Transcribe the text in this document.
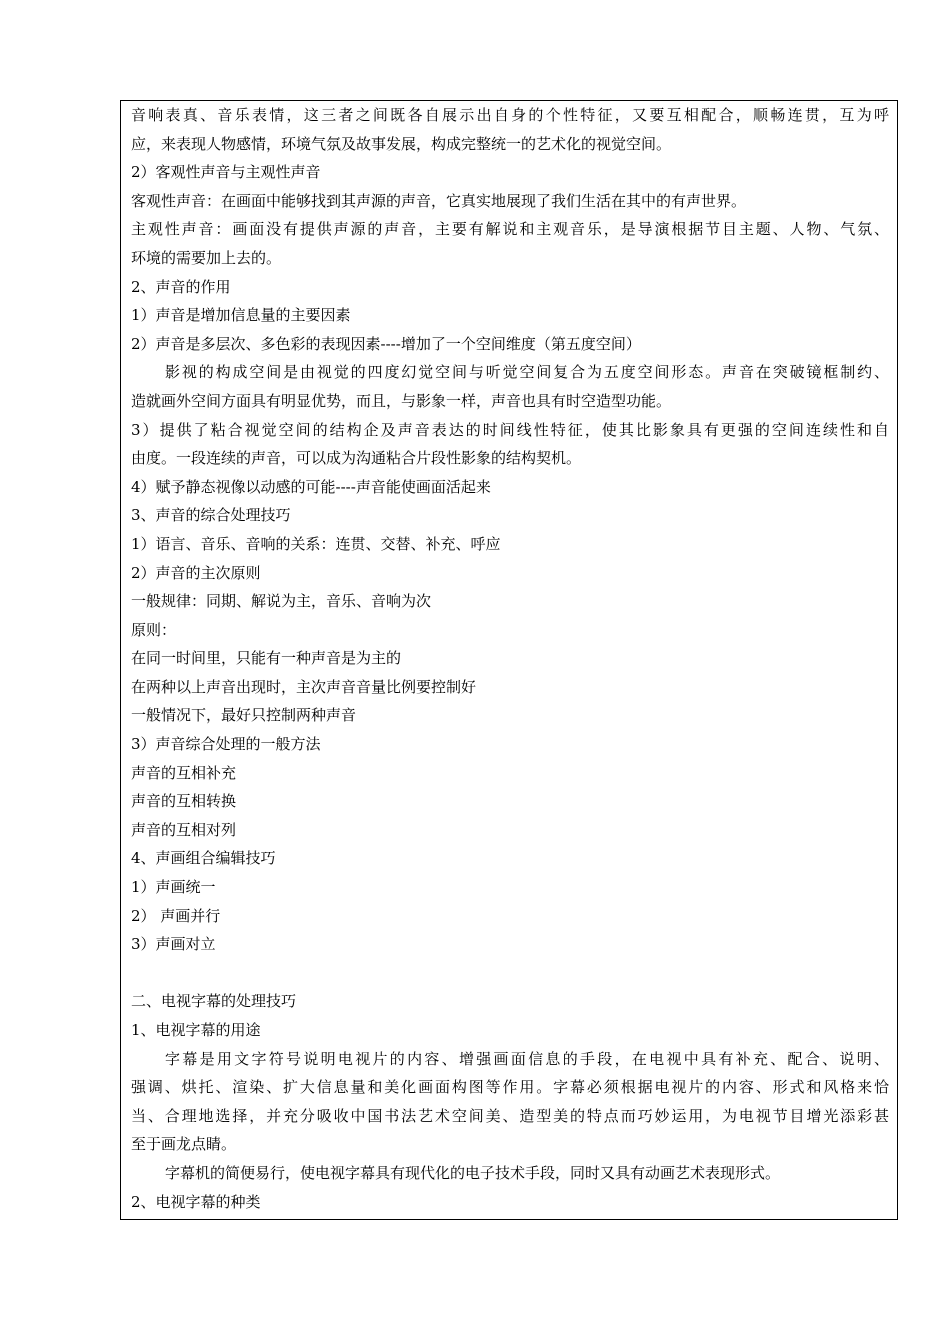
音响表真、音乐表情，这三者之间既各自展示出自身的个性特征，又要互相配合，顺畅连贯，互为呼
应，来表现人物感情，环境气氛及故事发展，构成完整统一的艺术化的视觉空间。
2）客观性声音与主观性声音
客观性声音：在画面中能够找到其声源的声音，它真实地展现了我们生活在其中的有声世界。
主观性声音：画面没有提供声源的声音，主要有解说和主观音乐，是导演根据节目主题、人物、气氛、
环境的需要加上去的。
2、声音的作用
1）声音是增加信息量的主要因素
2）声音是多层次、多色彩的表现因素----增加了一个空间维度（第五度空间）
影视的构成空间是由视觉的四度幻觉空间与听觉空间复合为五度空间形态。声音在突破镜框制约、
造就画外空间方面具有明显优势，而且，与影象一样，声音也具有时空造型功能。
3）提供了粘合视觉空间的结构企及声音表达的时间线性特征，使其比影象具有更强的空间连续性和自
由度。一段连续的声音，可以成为沟通粘合片段性影象的结构契机。
4）赋予静态视像以动感的可能----声音能使画面活起来
3、声音的综合处理技巧
1）语言、音乐、音响的关系：连贯、交替、补充、呼应
2）声音的主次原则
一般规律：同期、解说为主，音乐、音响为次
原则：
在同一时间里，只能有一种声音是为主的
在两种以上声音出现时，主次声音音量比例要控制好
一般情况下，最好只控制两种声音
3）声音综合处理的一般方法
声音的互相补充
声音的互相转换
声音的互相对列
4、声画组合编辑技巧
1）声画统一
2） 声画并行
3）声画对立
二、电视字幕的处理技巧
1、电视字幕的用途
字幕是用文字符号说明电视片的内容、增强画面信息的手段，在电视中具有补充、配合、说明、
强调、烘托、渲染、扩大信息量和美化画面构图等作用。字幕必须根据电视片的内容、形式和风格来恰
当、合理地选择，并充分吸收中国书法艺术空间美、造型美的特点而巧妙运用，为电视节目增光添彩甚
至于画龙点睛。
字幕机的简便易行，使电视字幕具有现代化的电子技术手段，同时又具有动画艺术表现形式。
2、电视字幕的种类
